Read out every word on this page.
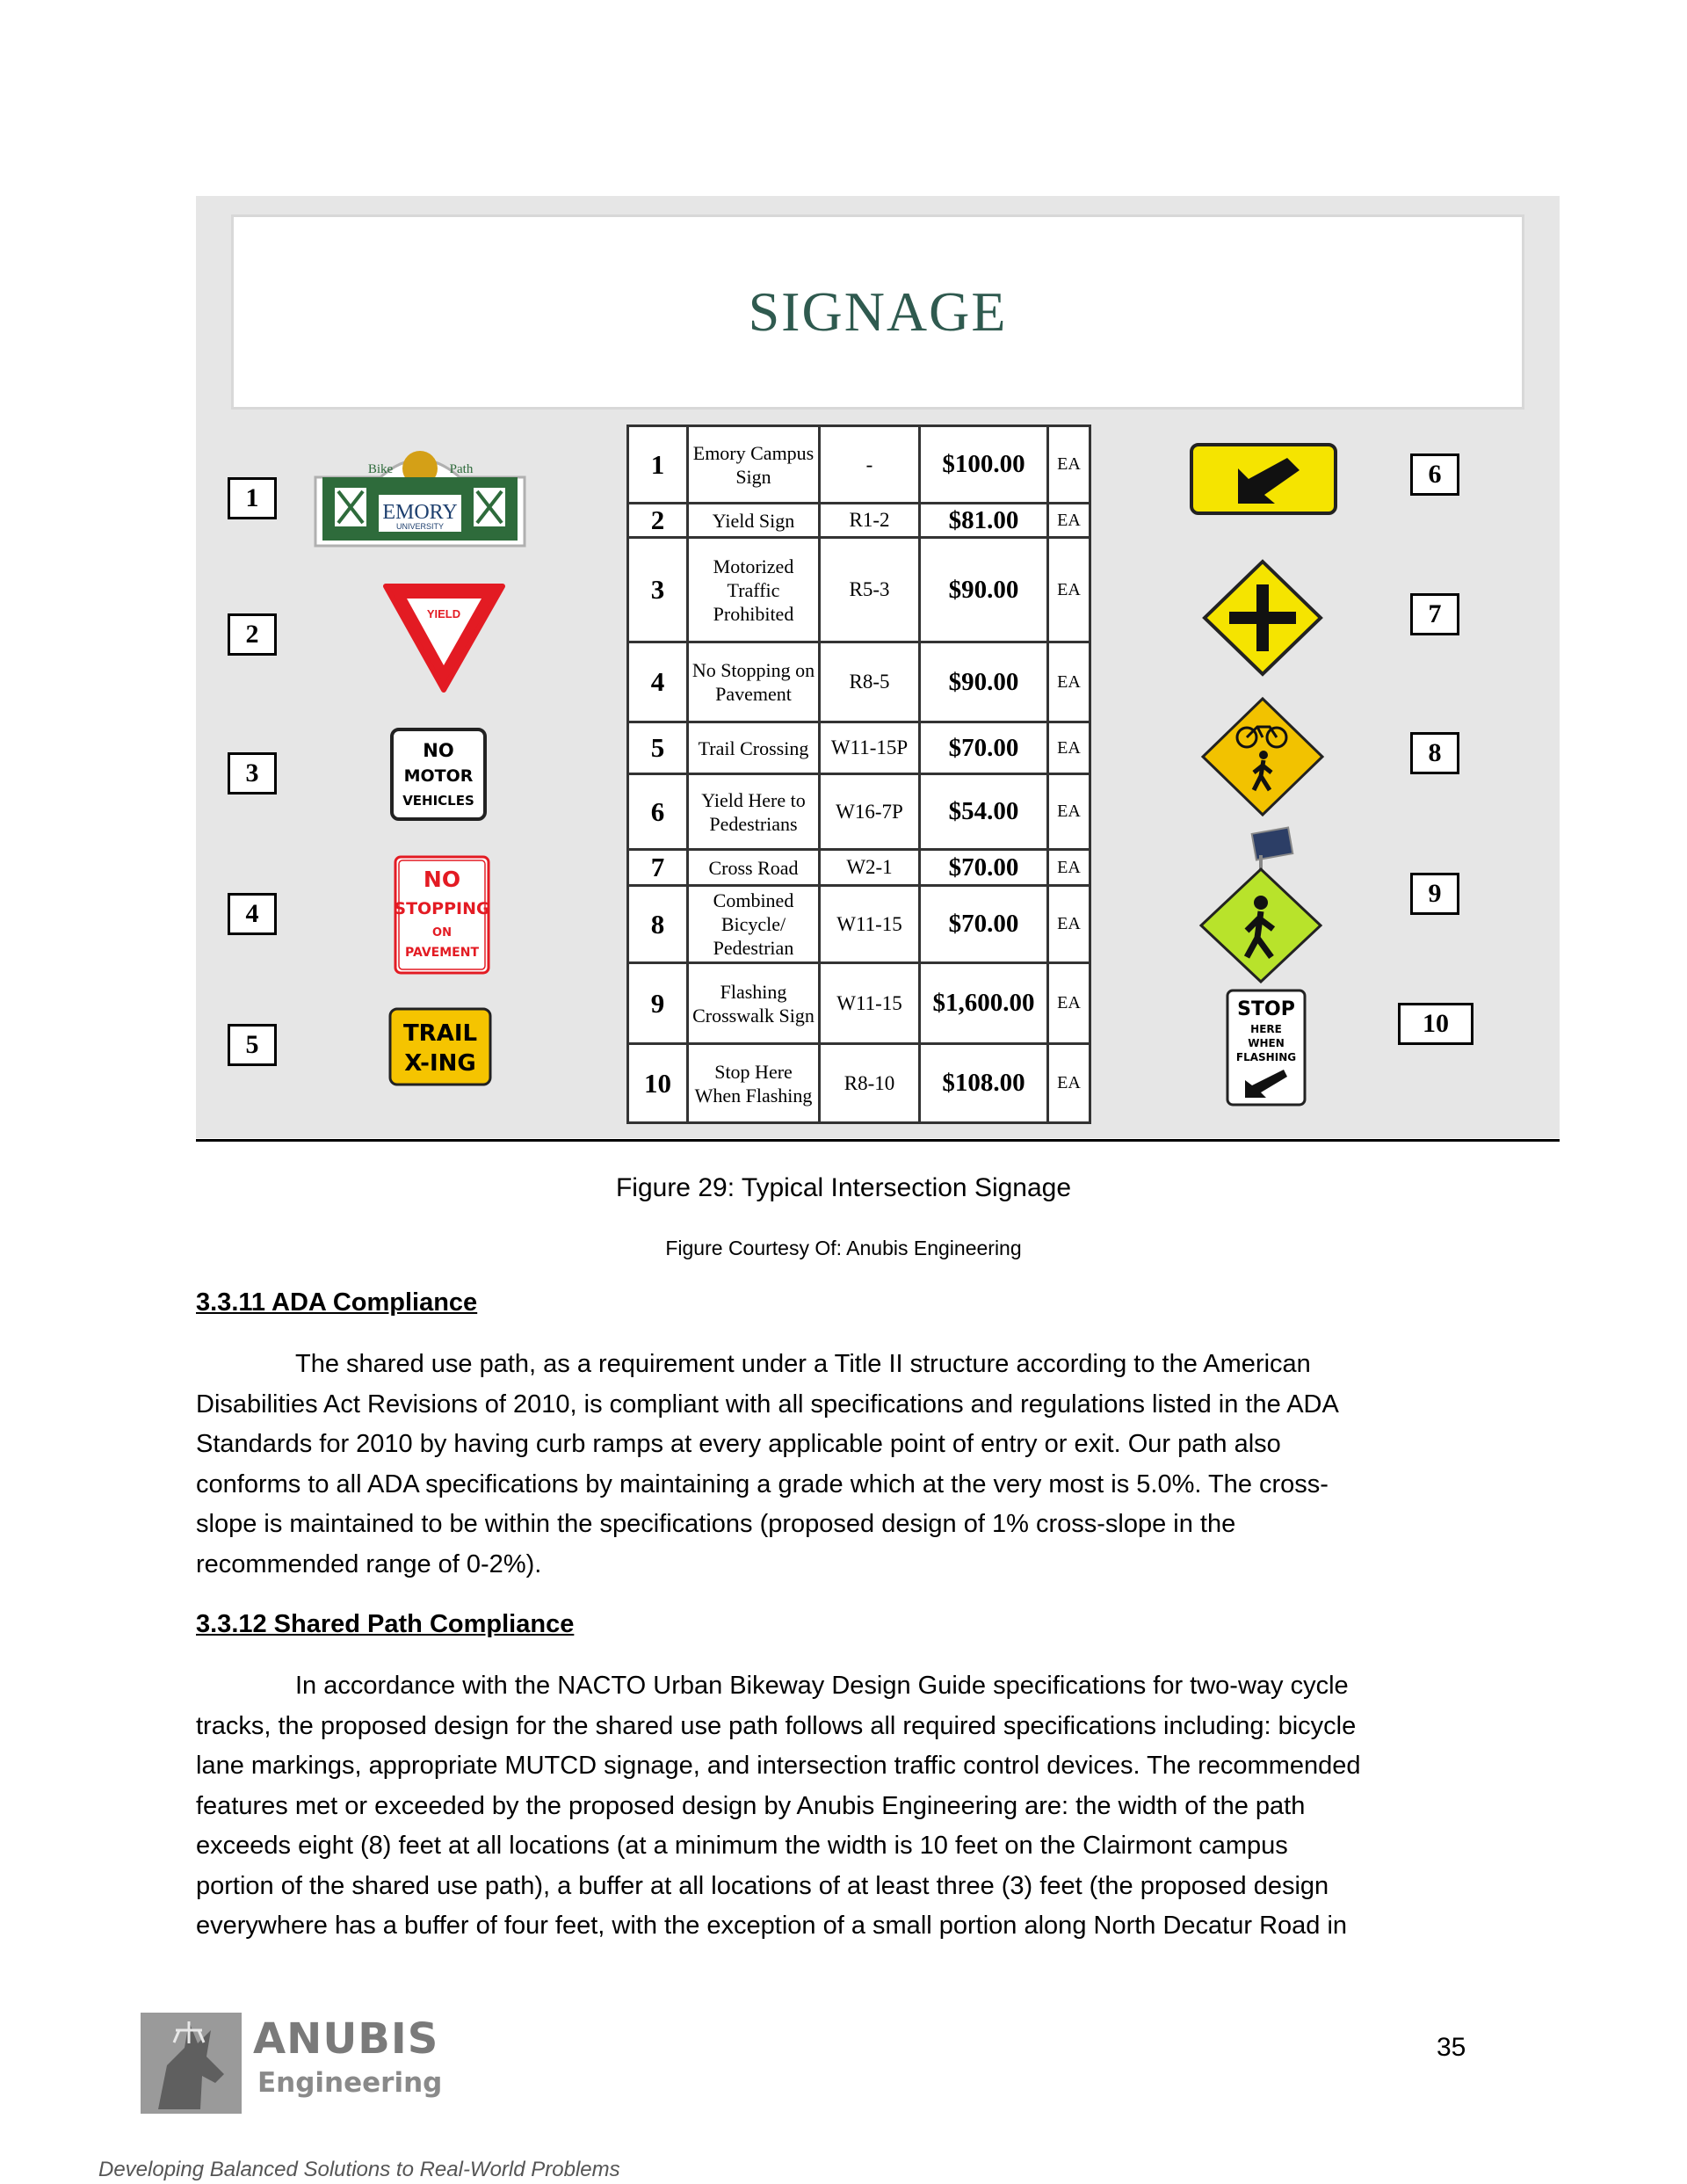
SIGNAGE
1
2
3
4
5
6
7
8
9
10
Bike	Path
EMORY
UNIVERSITY
YIELD
NO
MOTOR
VEHICLES
NO
STOPPING
ON
PAVEMENT
TRAIL
X-ING
STOP
HERE
WHEN
FLASHING
1	Emory Campus Sign	-	$100.00	EA
2	Yield Sign	R1-2	$81.00	EA
3	Motorized Traffic Prohibited	R5-3	$90.00	EA
4	No Stopping on Pavement	R8-5	$90.00	EA
5	Trail Crossing	W11-15P	$70.00	EA
6	Yield Here to Pedestrians	W16-7P	$54.00	EA
7	Cross Road	W2-1	$70.00	EA
8	Combined Bicycle/ Pedestrian	W11-15	$70.00	EA
9	Flashing Crosswalk Sign	W11-15	$1,600.00	EA
10	Stop Here When Flashing	R8-10	$108.00	EA
Figure 29: Typical Intersection Signage
Figure Courtesy Of: Anubis Engineering
3.3.11 ADA Compliance
The shared use path, as a requirement under a Title II structure according to the American
Disabilities Act Revisions of 2010, is compliant with all specifications and regulations listed in the ADA
Standards for 2010 by having curb ramps at every applicable point of entry or exit. Our path also
conforms to all ADA specifications by maintaining a grade which at the very most is 5.0%. The cross-
slope is maintained to be within the specifications (proposed design of 1% cross-slope in the
recommended range of 0-2%).
3.3.12 Shared Path Compliance
In accordance with the NACTO Urban Bikeway Design Guide specifications for two-way cycle
tracks, the proposed design for the shared use path follows all required specifications including: bicycle
lane markings, appropriate MUTCD signage, and intersection traffic control devices. The recommended
features met or exceeded by the proposed design by Anubis Engineering are: the width of the path
exceeds eight (8) feet at all locations (at a minimum the width is 10 feet on the Clairmont campus
portion of the shared use path), a buffer at all locations of at least three (3) feet (the proposed design
everywhere has a buffer of four feet, with the exception of a small portion along North Decatur Road in
ANUBIS
Engineering
35
Developing Balanced Solutions to Real-World Problems
